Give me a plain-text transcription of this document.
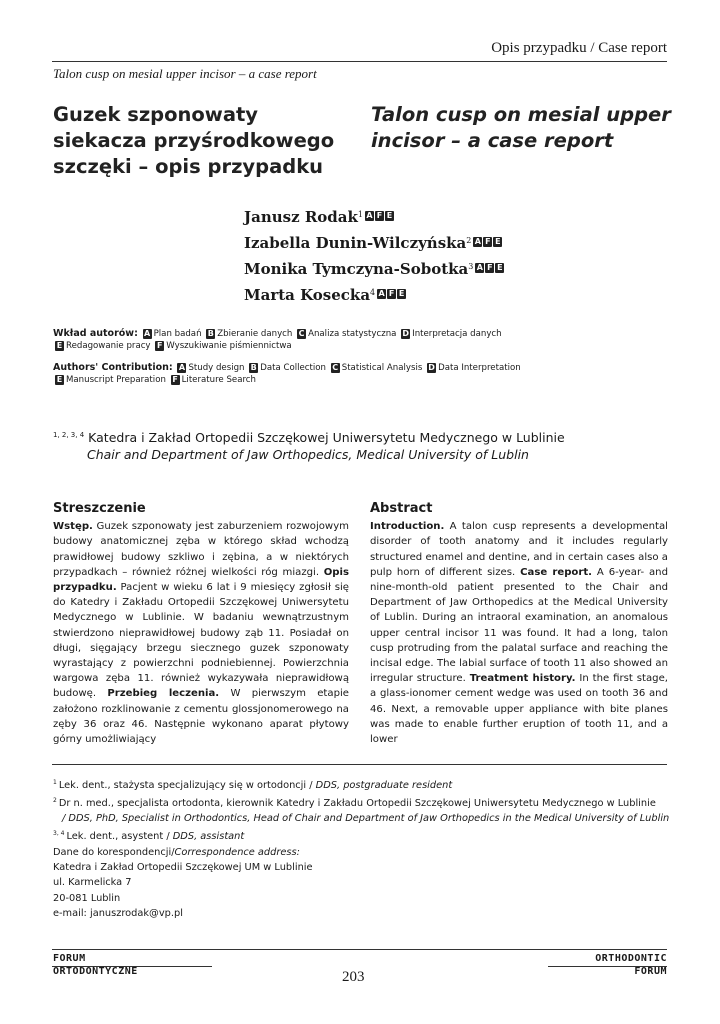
Opis przypadku / Case report
Talon cusp on mesial upper incisor – a case report
Guzek szponowaty siekacza przyśrodkowego szczęki – opis przypadku
Talon cusp on mesial upper incisor – a case report
Janusz Rodak$^1$ A F E
Izabella Dunin-Wilczyńska$^2$ A F E
Monika Tymczyna-Sobotka$^3$ A F E
Marta Kosecka$^4$ A F E
Wkład autorów: A Plan badań B Zbieranie danych C Analiza statystyczna D Interpretacja danych
E Redagowanie pracy F Wyszukiwanie piśmiennictwa
Authors' Contribution: A Study design B Data Collection C Statistical Analysis D Data Interpretation
E Manuscript Preparation F Literature Search
$^{1, 2, 3, 4}$ Katedra i Zakład Ortopedii Szczękowej Uniwersytetu Medycznego w Lublinie
Chair and Department of Jaw Orthopedics, Medical University of Lublin
Streszczenie

Wstęp. Guzek szponowaty jest zaburzeniem rozwojowym budowy anatomicznej zęba w którego skład wchodzą prawidłowej budowy szkliwo i zębina, a w niektórych przypadkach – również różnej wielkości róg miazgi. Opis przypadku. Pacjent w wieku 6 lat i 9 miesięcy zgłosił się do Katedry i Zakładu Ortopedii Szczękowej Uniwersytetu Medycznego w Lublinie. W badaniu wewnątrzustnym stwierdzono nieprawidłowej budowy ząb 11. Posiadał on długi, sięgający brzegu siecznego guzek szponowaty wyrastający z powierzchni podniebiennej. Powierzchnia wargowa zęba 11. również wykazywała nieprawidłową budowę. Przebieg leczenia. W pierwszym etapie założono rozklinowanie z cementu glossjonomerowego na zęby 36 oraz 46. Następnie wykonano aparat płytowy górny umożliwiający

Abstract

Introduction. A talon cusp represents a developmental disorder of tooth anatomy and it includes regularly structured enamel and dentine, and in certain cases also a pulp horn of different sizes. Case report. A 6-year- and nine-month-old patient presented to the Chair and Department of Jaw Orthopedics at the Medical University of Lublin. During an intraoral examination, an anomalous upper central incisor 11 was found. It had a long, talon cusp protruding from the palatal surface and reaching the incisal edge. The labial surface of tooth 11 also showed an irregular structure. Treatment history. In the first stage, a glass-ionomer cement wedge was used on tooth 36 and 46. Next, a removable upper appliance with bite planes was made to enable further eruption of tooth 11, and a lower

$^1$ Lek. dent., stażysta specjalizujący się w ortodoncji / DDS, postgraduate resident
$^2$ Dr n. med., specjalista ortodonta, kierownik Katedry i Zakładu Ortopedii Szczękowej Uniwersytetu Medycznego w Lublinie
/ DDS, PhD, Specialist in Orthodontics, Head of Chair and Department of Jaw Orthopedics in the Medical University of Lublin
$^{3, 4}$ Lek. dent., asystent / DDS, assistant
Dane do korespondencji/Correspondence address:
Katedra i Zakład Ortopedii Szczękowej UM w Lublinie
ul. Karmelicka 7
20-081 Lublin
e-mail: januszrodak@vp.pl
FORUM
ORTODONTYCZNE
ORTHODONTIC
FORUM
203
